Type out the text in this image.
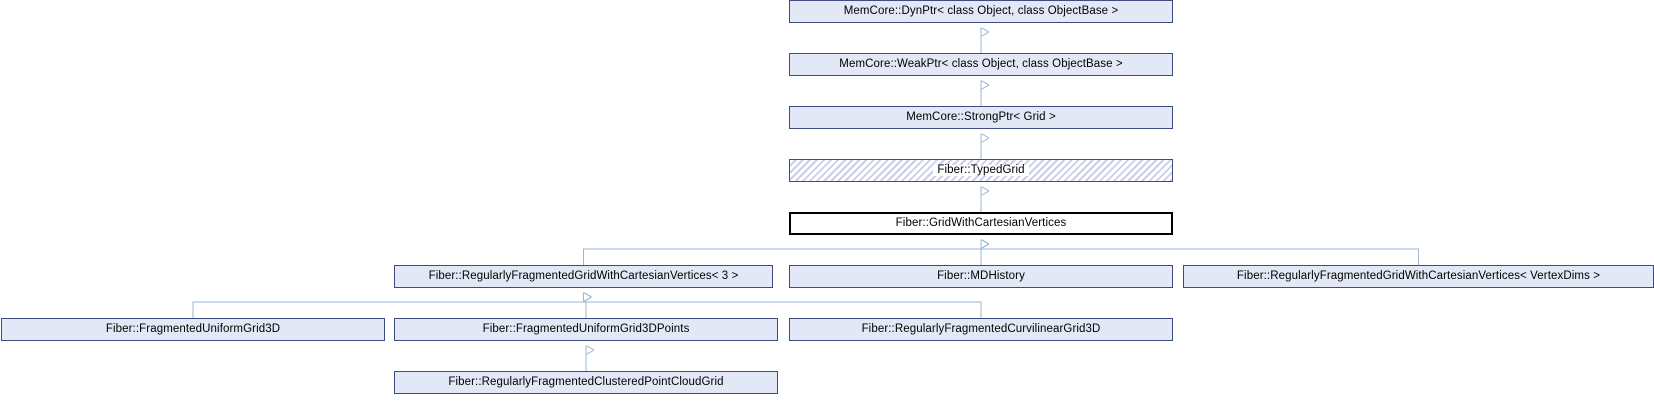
MemCore::DynPtr< class Object, class ObjectBase >
MemCore::WeakPtr< class Object, class ObjectBase >
MemCore::StrongPtr< Grid >
Fiber::TypedGrid
Fiber::GridWithCartesianVertices
Fiber::RegularlyFragmentedGridWithCartesianVertices< 3 >	Fiber::MDHistory	Fiber::RegularlyFragmentedGridWithCartesianVertices< VertexDims >
Fiber::FragmentedUniformGrid3D	Fiber::FragmentedUniformGrid3DPoints	Fiber::RegularlyFragmentedCurvilinearGrid3D
Fiber::RegularlyFragmentedClusteredPointCloudGrid
